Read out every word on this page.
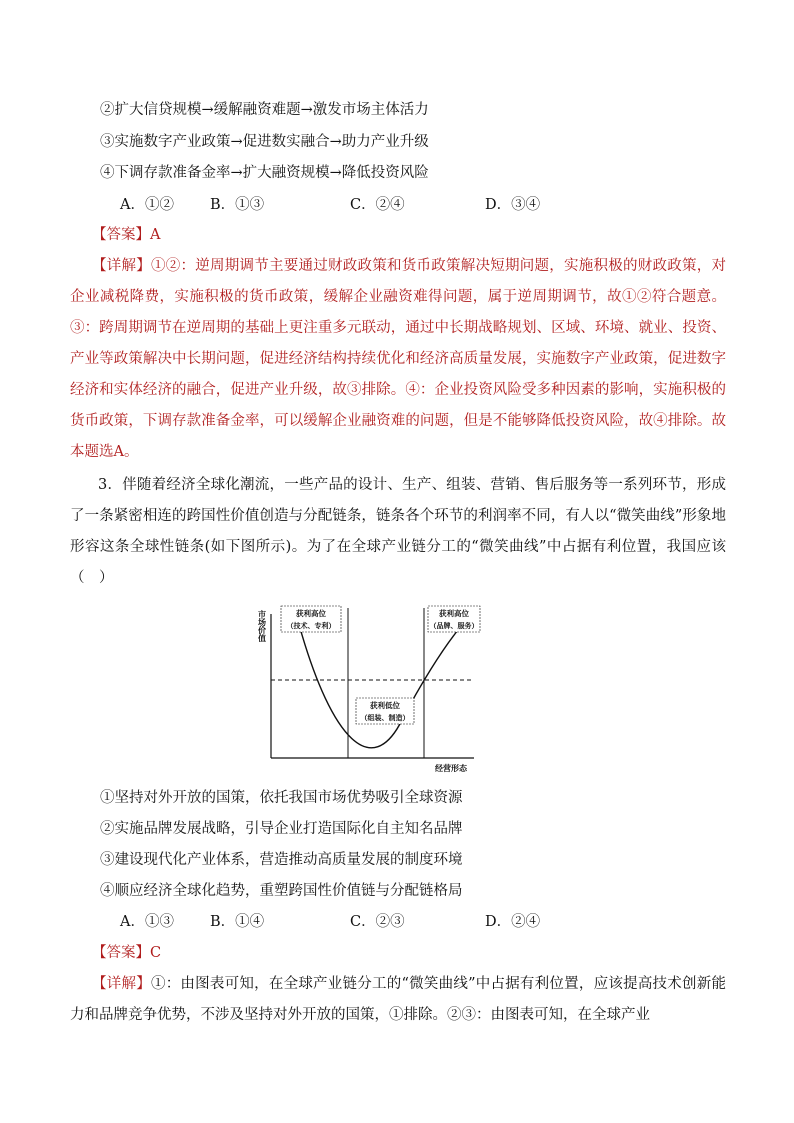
②扩大信贷规模→缓解融资难题→激发市场主体活力
③实施数字产业政策→促进数实融合→助力产业升级
④下调存款准备金率→扩大融资规模→降低投资风险
A．①② B．①③	C．②④	D．③④
【答案】A
【详解】①②：逆周期调节主要通过财政政策和货币政策解决短期问题，实施积极的财政政策，对企业减税降费，实施积极的货币政策，缓解企业融资难得问题，属于逆周期调节，故①②符合题意。③：跨周期调节在逆周期的基础上更注重多元联动，通过中长期战略规划、区域、环境、就业、投资、产业等政策解决中长期问题，促进经济结构持续优化和经济高质量发展，实施数字产业政策，促进数字经济和实体经济的融合，促进产业升级，故③排除。④：企业投资风险受多种因素的影响，实施积极的货币政策，下调存款准备金率，可以缓解企业融资难的问题，但是不能够降低投资风险，故④排除。故本题选A。
3．伴随着经济全球化潮流，一些产品的设计、生产、组装、营销、售后服务等一系列环节，形成了一条紧密相连的跨国性价值创造与分配链条，链条各个环节的利润率不同，有人以“微笑曲线”形象地形容这条全球性链条(如下图所示)。为了在全球产业链分工的“微笑曲线”中占据有利位置，我国应该（　）
市场价值	获利高位
（技术、专利）
获利高位
（品牌、服务）
获利低位
（组装、制造）
经营形态
①坚持对外开放的国策，依托我国市场优势吸引全球资源
②实施品牌发展战略，引导企业打造国际化自主知名品牌
③建设现代化产业体系，营造推动高质量发展的制度环境
④顺应经济全球化趋势，重塑跨国性价值链与分配链格局
A．①③ B．①④	C．②③	D．②④
【答案】C
【详解】①：由图表可知，在全球产业链分工的“微笑曲线”中占据有利位置，应该提高技术创新能力和品牌竞争优势，不涉及坚持对外开放的国策，①排除。②③：由图表可知，在全球产业
